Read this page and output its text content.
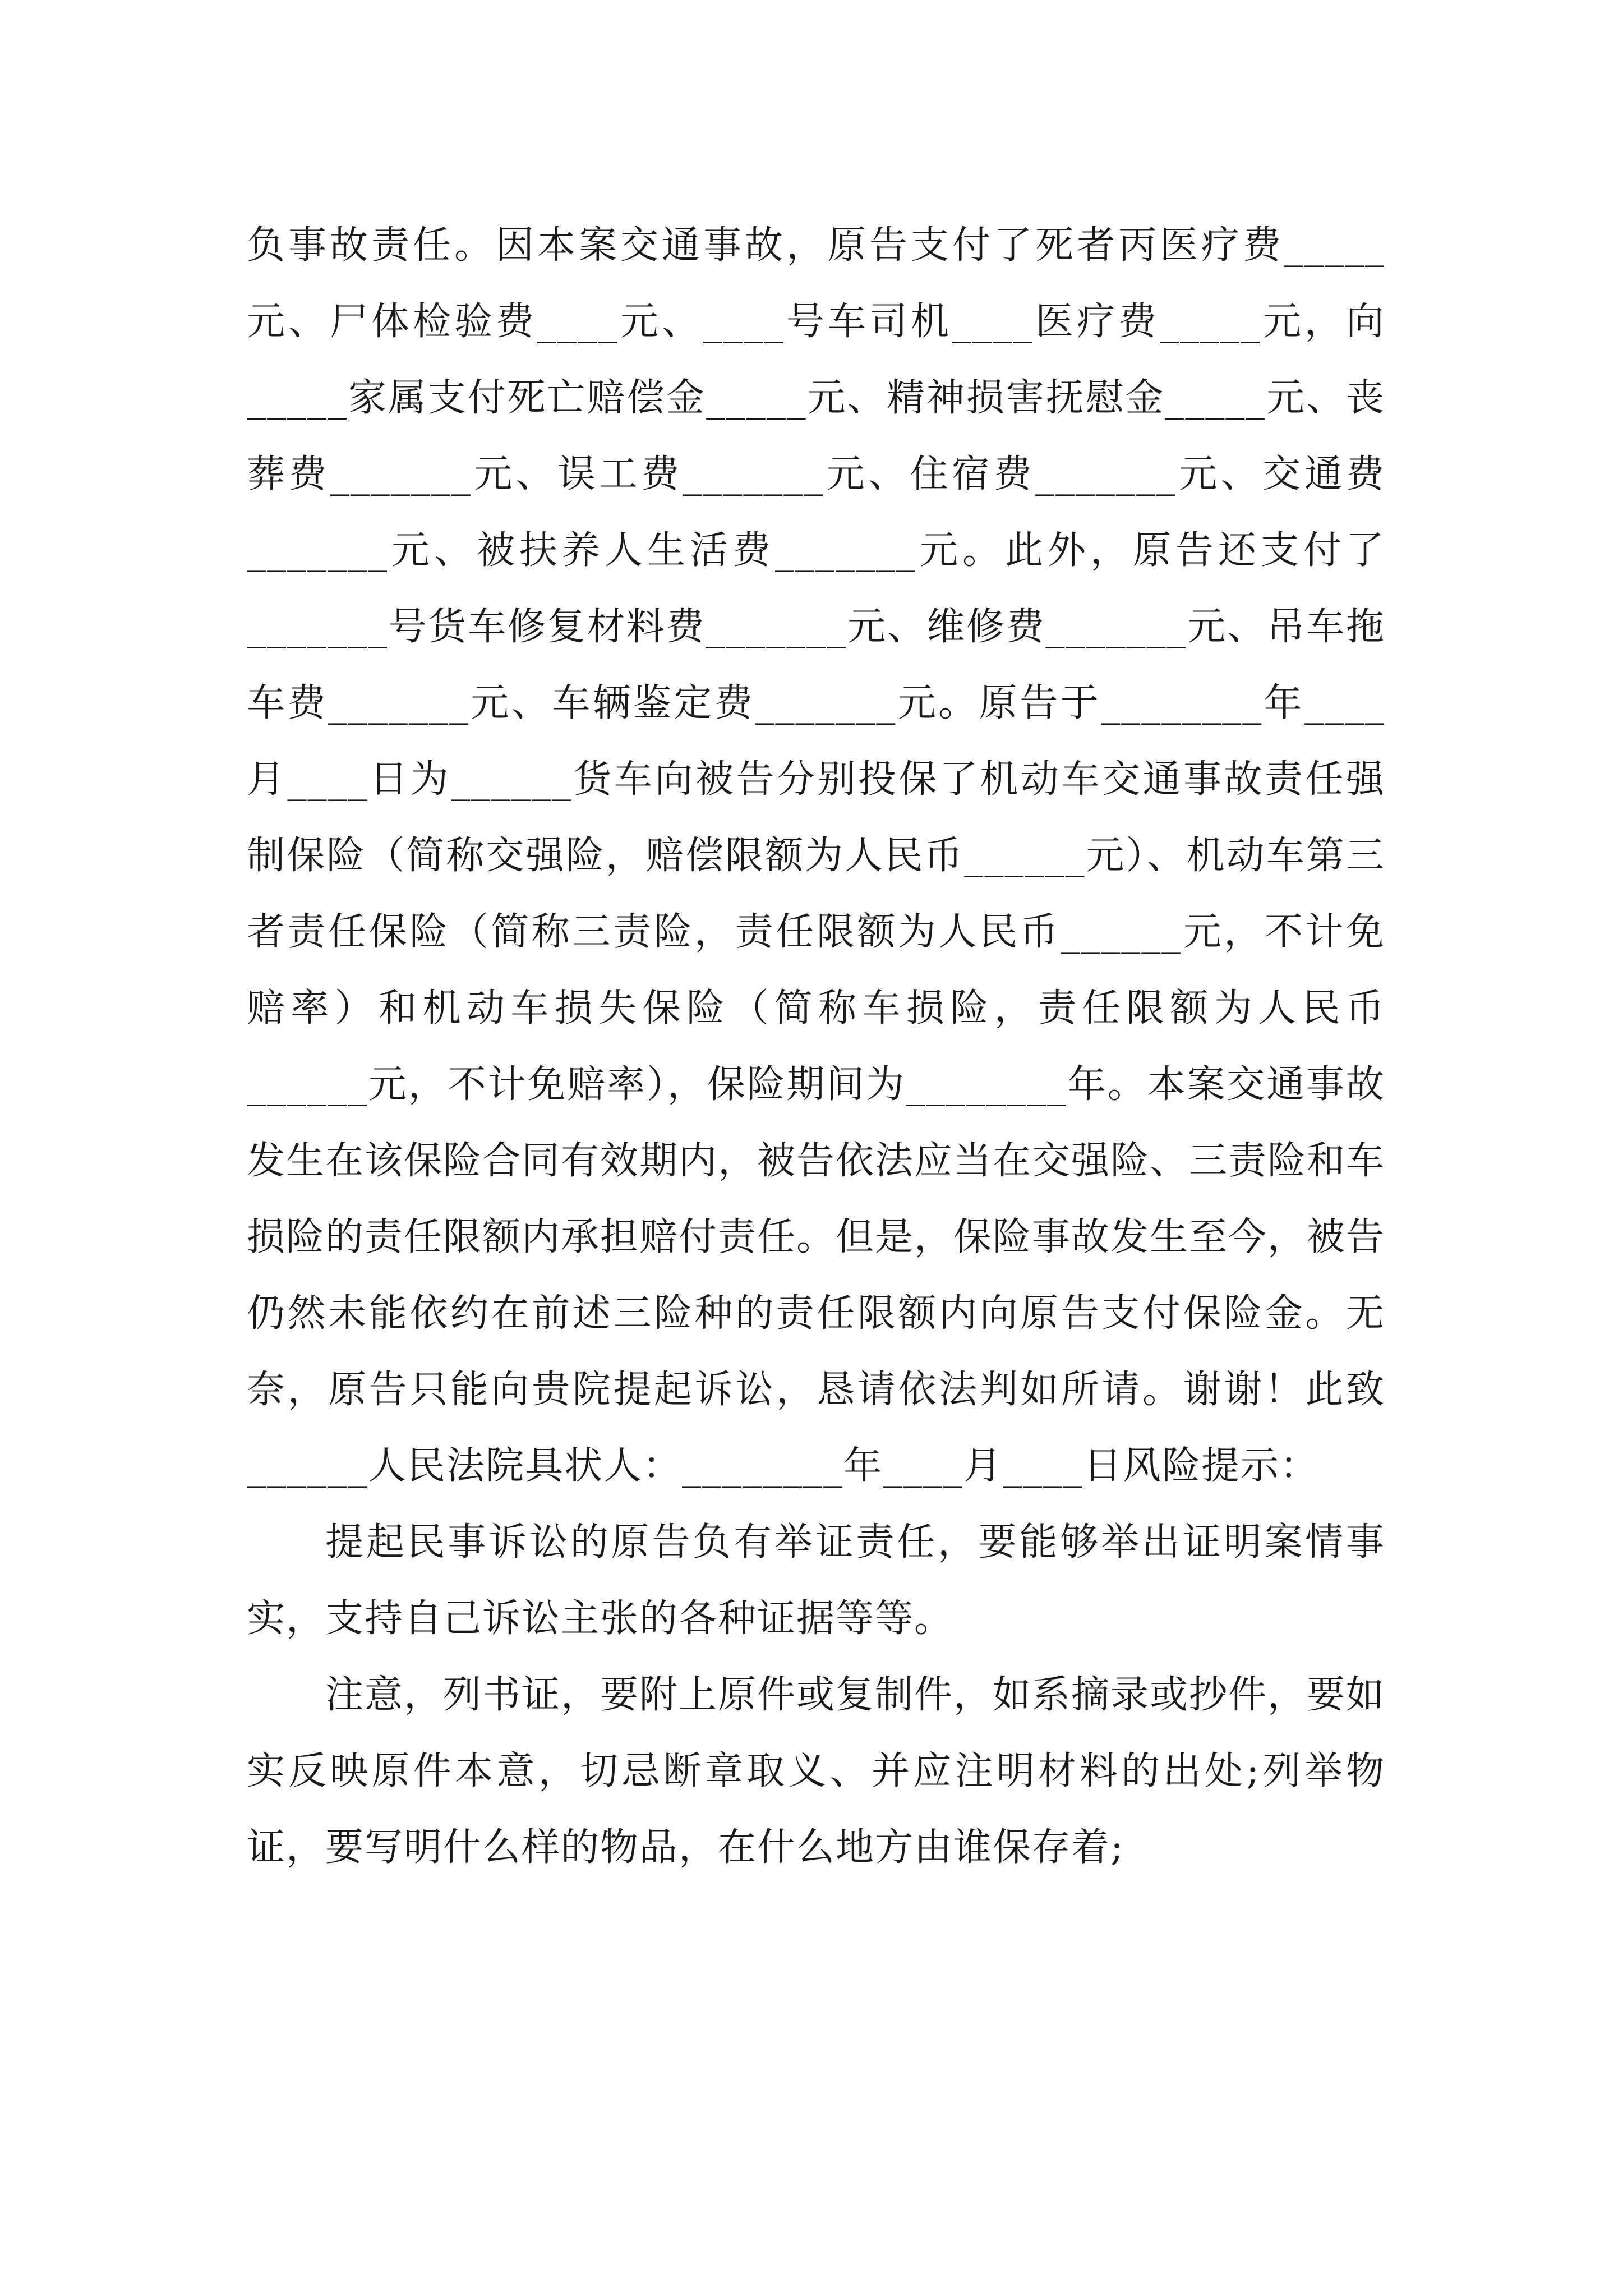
负事故责任。因本案交通事故，原告支付了死者丙医疗费_____元、尸体检验费____元、____号车司机____医疗费_____元，向_____家属支付死亡赔偿金_____元、精神损害抚慰金_____元、丧葬费_______元、误工费_______元、住宿费_______元、交通费_______元、被扶养人生活费_______元。此外，原告还支付了_______号货车修复材料费_______元、维修费_______元、吊车拖车费_______元、车辆鉴定费_______元。原告于________年____月____日为______货车向被告分别投保了机动车交通事故责任强制保险（简称交强险，赔偿限额为人民币______元）、机动车第三者责任保险（简称三责险，责任限额为人民币______元，不计免赔率）和机动车损失保险（简称车损险，责任限额为人民币______元，不计免赔率），保险期间为________年。本案交通事故发生在该保险合同有效期内，被告依法应当在交强险、三责险和车损险的责任限额内承担赔付责任。但是，保险事故发生至今，被告仍然未能依约在前述三险种的责任限额内向原告支付保险金。无奈，原告只能向贵院提起诉讼，恳请依法判如所请。谢谢！此致______人民法院具状人：________年____月____日风险提示：

提起民事诉讼的原告负有举证责任，要能够举出证明案情事实，支持自己诉讼主张的各种证据等等。

注意，列书证，要附上原件或复制件，如系摘录或抄件，要如实反映原件本意，切忌断章取义、并应注明材料的出处;列举物证，要写明什么样的物品，在什么地方由谁保存着;
